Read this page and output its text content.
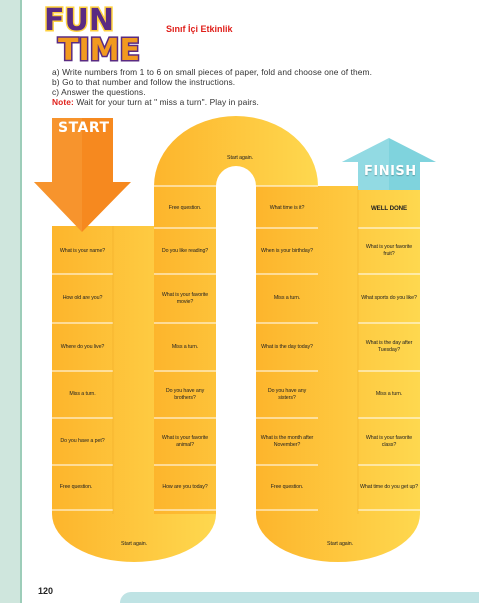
FUN
TIME
Sınıf İçi Etkinlik
a) Write numbers from 1 to 6 on small pieces of paper, fold and choose one of them.
b) Go to that number and follow the instructions.
c) Answer the questions.
Note: Wait for your turn at " miss a turn". Play in pairs.
START
FINISH
What is your name?
How old are you?
Where do you live?
Miss a turn.
Do you have a pet?
Free question.
Start again.
Free question.
Do you like reading?
What is your favorite movie?
Miss a turn.
Do you have any brothers?
What is your favorite animal?
How are you today?
Start again.
What time is it?
When is your birthday?
Miss a turn.
What is the day today?
Do you have any sisters?
What is the month after November?
Free question.
Start again.
WELL DONE
What is your favorite fruit?
What sports do you like?
What is the day after Tuesday?
Miss a turn.
What is your favorite class?
What time do you get up?
120
